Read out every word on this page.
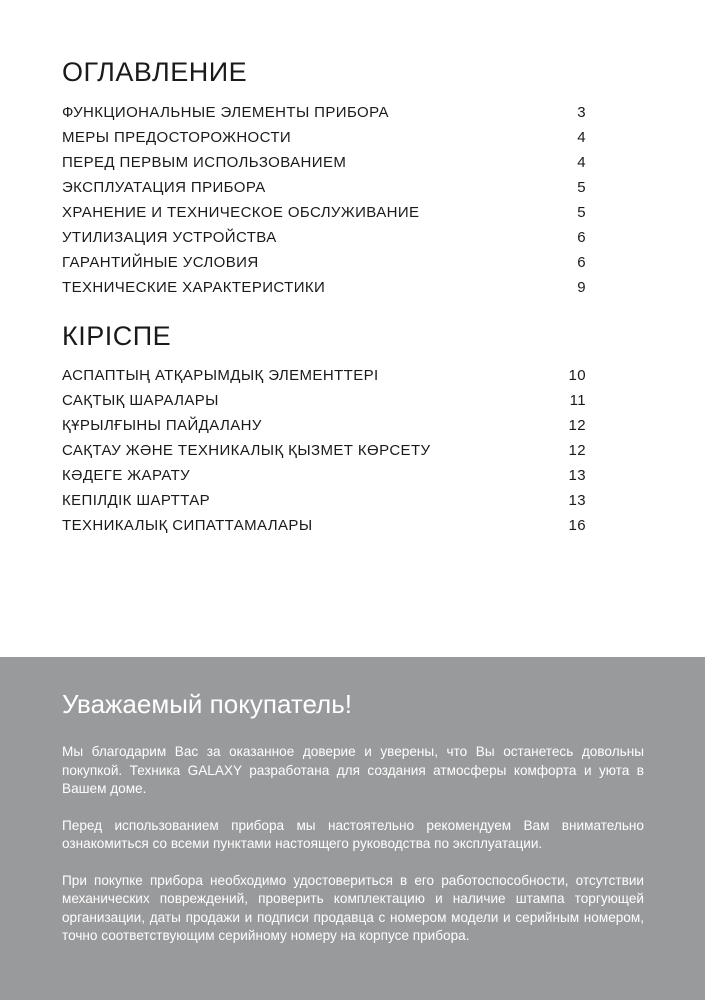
ОГЛАВЛЕНИЕ
ФУНКЦИОНАЛЬНЫЕ ЭЛЕМЕНТЫ ПРИБОРА	3
МЕРЫ ПРЕДОСТОРОЖНОСТИ	4
ПЕРЕД ПЕРВЫМ ИСПОЛЬЗОВАНИЕМ	4
ЭКСПЛУАТАЦИЯ ПРИБОРА	5
ХРАНЕНИЕ И ТЕХНИЧЕСКОЕ ОБСЛУЖИВАНИЕ	5
УТИЛИЗАЦИЯ УСТРОЙСТВА	6
ГАРАНТИЙНЫЕ УСЛОВИЯ	6
ТЕХНИЧЕСКИЕ ХАРАКТЕРИСТИКИ	9
КІРІСПЕ
АСПАПТЫҢ АТҚАРЫМДЫҚ ЭЛЕМЕНТТЕРІ	10
САҚТЫҚ ШАРАЛАРЫ	11
ҚҰРЫЛҒЫНЫ ПАЙДАЛАНУ	12
САҚТАУ ЖӘНЕ ТЕХНИКАЛЫҚ ҚЫЗМЕТ КӨРСЕТУ	12
КӘДЕГЕ ЖАРАТУ	13
КЕПІЛДІК ШАРТТАР	13
ТЕХНИКАЛЫҚ СИПАТТАМАЛАРЫ	16
Уважаемый покупатель!

Мы благодарим Вас за оказанное доверие и уверены, что Вы останетесь довольны покупкой. Техника GALAXY разработана для создания атмосферы комфорта и уюта в Вашем доме.

Перед использованием прибора мы настоятельно рекомендуем Вам внимательно ознакомиться со всеми пунктами настоящего руководства по эксплуатации.

При покупке прибора необходимо удостовериться в его работоспособности, отсутствии механических повреждений, проверить комплектацию и наличие штампа торгующей организации, даты продажи и подписи продавца с номером модели и серийным номером, точно соответствующим серийному номеру на корпусе прибора.
